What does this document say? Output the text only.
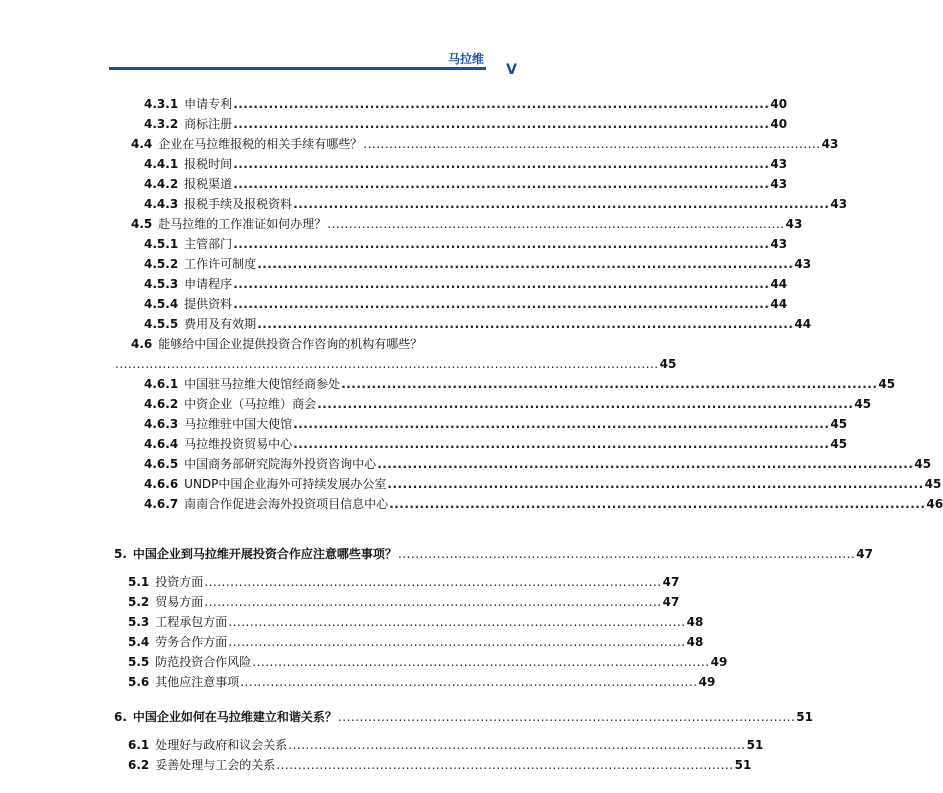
马拉维
V
4.3.1 申请专利 .......................................................................................................... 40
4.3.2 商标注册 .......................................................................................................... 40
4.4 企业在马拉维报税的相关手续有哪些？ .......................................................................................................... 43
4.4.1 报税时间 .......................................................................................................... 43
4.4.2 报税渠道 .......................................................................................................... 43
4.4.3 报税手续及报税资料 .......................................................................................................... 43
4.5 赴马拉维的工作准证如何办理？ .......................................................................................................... 43
4.5.1 主管部门 .......................................................................................................... 43
4.5.2 工作许可制度 .......................................................................................................... 43
4.5.3 申请程序 .......................................................................................................... 44
4.5.4 提供资料 .......................................................................................................... 44
4.5.5 费用及有效期 .......................................................................................................... 44
4.6 能够给中国企业提供投资合作咨询的机构有哪些？
.............................................................................................................................. 45
4.6.1 中国驻马拉维大使馆经商参处 .......................................................................................................... 45
4.6.2 中资企业（马拉维）商会 .......................................................................................................... 45
4.6.3 马拉维驻中国大使馆 .......................................................................................................... 45
4.6.4 马拉维投资贸易中心 .......................................................................................................... 45
4.6.5 中国商务部研究院海外投资咨询中心 .......................................................................................................... 45
4.6.6 UNDP中国企业海外可持续发展办公室 .......................................................................................................... 45
4.6.7 南南合作促进会海外投资项目信息中心 .......................................................................................................... 46
5. 中国企业到马拉维开展投资合作应注意哪些事项？ .......................................................................................................... 47
5.1 投资方面 .......................................................................................................... 47
5.2 贸易方面 .......................................................................................................... 47
5.3 工程承包方面 .......................................................................................................... 48
5.4 劳务合作方面 .......................................................................................................... 48
5.5 防范投资合作风险 .......................................................................................................... 49
5.6 其他应注意事项 .......................................................................................................... 49
6. 中国企业如何在马拉维建立和谐关系？ .......................................................................................................... 51
6.1 处理好与政府和议会关系 .......................................................................................................... 51
6.2 妥善处理与工会的关系 .......................................................................................................... 51
